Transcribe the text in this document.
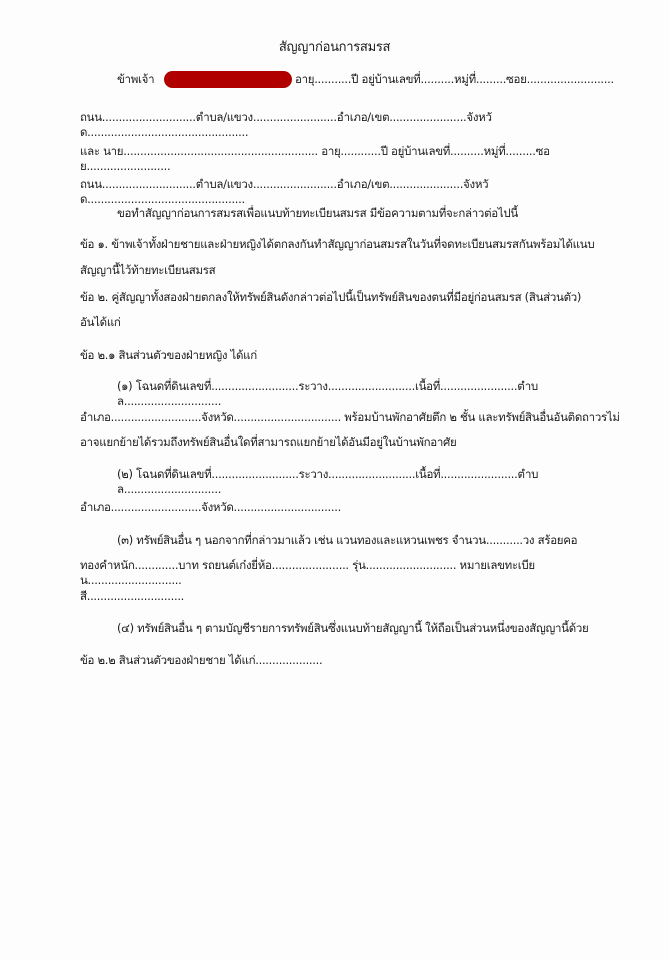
สัญญาก่อนการสมรส
ข้าพเจ้า	อายุ...........ปี อยู่บ้านเลขที่..........หมู่ที่.........ซอย..........................
ถนน............................ตำบล/แขวง.........................อำเภอ/เขต.......................จังหวัด................................................
และ นาย.......................................................... อายุ............ปี อยู่บ้านเลขที่..........หมู่ที่.........ซอย.........................
ถนน............................ตำบล/แขวง.........................อำเภอ/เขต......................จังหวัด...............................................
ขอทำสัญญาก่อนการสมรสเพื่อแนบท้ายทะเบียนสมรส มีข้อความตามที่จะกล่าวต่อไปนี้
ข้อ ๑. ข้าพเจ้าทั้งฝ่ายชายและฝ่ายหญิงได้ตกลงกันทำสัญญาก่อนสมรสในวันที่จดทะเบียนสมรสกันพร้อมได้แนบ
สัญญานี้ไว้ท้ายทะเบียนสมรส
ข้อ ๒. คู่สัญญาทั้งสองฝ่ายตกลงให้ทรัพย์สินดังกล่าวต่อไปนี้เป็นทรัพย์สินของตนที่มีอยู่ก่อนสมรส (สินส่วนตัว)
อันได้แก่
ข้อ ๒.๑ สินส่วนตัวของฝ่ายหญิง ได้แก่
(๑) โฉนดที่ดินเลขที่..........................ระวาง..........................เนื้อที่.......................ตำบล.............................
อำเภอ...........................จังหวัด................................ พร้อมบ้านพักอาศัยตึก ๒ ชั้น และทรัพย์สินอื่นอันติดถาวรไม่
อาจแยกย้ายได้รวมถึงทรัพย์สินอื่นใดที่สามารถแยกย้ายได้อันมีอยู่ในบ้านพักอาศัย
(๒) โฉนดที่ดินเลขที่..........................ระวาง..........................เนื้อที่.......................ตำบล.............................
อำเภอ...........................จังหวัด................................
(๓) ทรัพย์สินอื่น ๆ นอกจากที่กล่าวมาแล้ว เช่น แวนทองและแหวนเพชร จำนวน...........วง สร้อยคอ
ทองคำหนัก.............บาท รถยนต์เก๋งยี่ห้อ....................... รุ่น........................... หมายเลขทะเบียน............................
สี.............................
(๔) ทรัพย์สินอื่น ๆ ตามบัญชีรายการทรัพย์สินซึ่งแนบท้ายสัญญานี้ ให้ถือเป็นส่วนหนึ่งของสัญญานี้ด้วย
ข้อ ๒.๒ สินส่วนตัวของฝ่ายชาย ได้แก่....................
